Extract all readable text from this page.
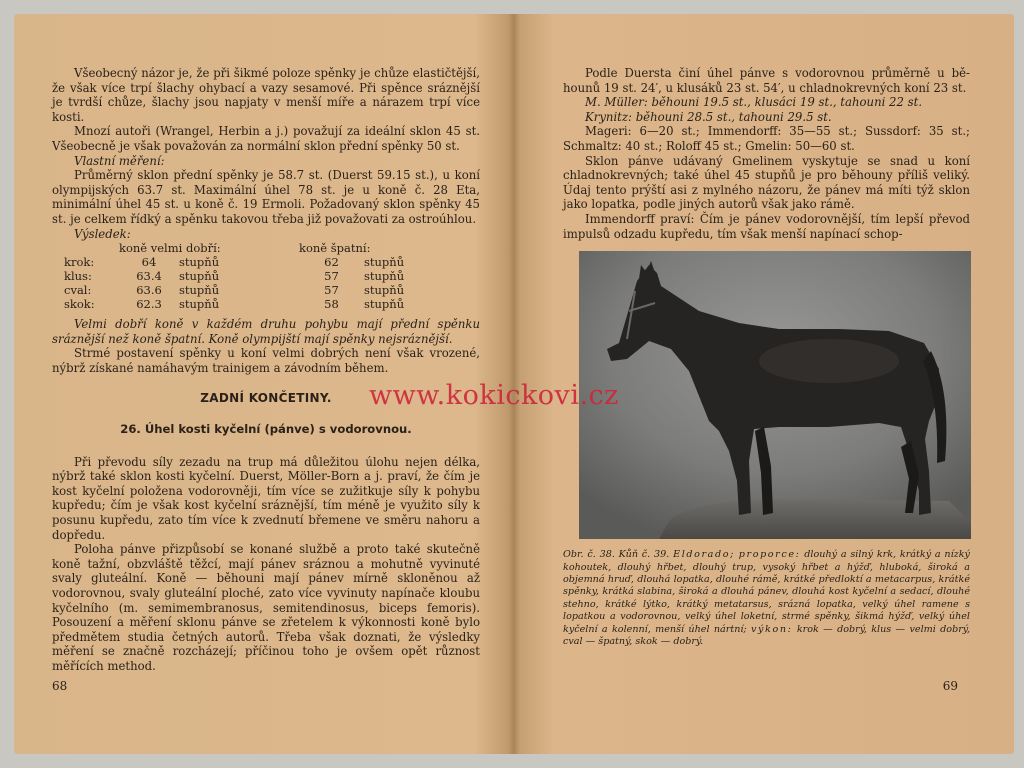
Všeobecný názor je, že při šikmé poloze spěnky je chůze elastičtější, že však více trpí šlachy ohybací a vazy sesamové. Při spěnce sráznější je tvrdší chůze, šlachy jsou napjaty v menší míře a nárazem trpí více kosti.

Mnozí autoři (Wrangel, Herbin a j.) považují za ideální sklon 45 st. Všeobecně je však považován za normální sklon přední spěnky 50 st.

Vlastní měření:

Průměrný sklon přední spěnky je 58.7 st. (Duerst 59.15 st.), u koní olympijských 63.7 st. Maximální úhel 78 st. je u koně č. 28 Eta, minimální úhel 45 st. u koně č. 19 Ermoli. Požadovaný sklon spěnky 45 st. je celkem řídký a spěnku takovou třeba již považovati za ostroúhlou.

Výsledek:

koně velmi dobří:	koně špatní:
krok:	64	stupňů	62	stupňů
klus:	63.4	stupňů	57	stupňů
cval:	63.6	stupňů	57	stupňů
skok:	62.3	stupňů	58	stupňů

Velmi dobří koně v každém druhu pohybu mají přední spěnku sráznější než koně špatní. Koně olympijští mají spěnky nejsráznější.

Strmé postavení spěnky u koní velmi dobrých není však vrozené, nýbrž získané namáhavým trainigem a závodním během.

ZADNÍ KONČETINY.
26. Úhel kosti kyčelní (pánve) s vodorovnou.

Při převodu síly zezadu na trup má důležitou úlohu nejen délka, nýbrž také sklon kosti kyčelní. Duerst, Möller-Born a j. praví, že čím je kost kyčelní položena vodorovněji, tím více se zužitkuje síly k pohybu kupředu; čím je však kost kyčelní sráznější, tím méně je využito síly k posunu kupředu, zato tím více k zvednutí břemene ve směru nahoru a dopředu.

Poloha pánve přizpůsobí se konané službě a proto také skutečně koně tažní, obzvláště těžcí, mají pánev sráznou a mohutně vyvinuté svaly gluteální. Koně — běhouni mají pánev mírně skloněnou až vodorovnou, svaly gluteální ploché, zato více vyvinuty napínače kloubu kyčelního (m. semimembranosus, semitendinosus, biceps femoris). Posouzení a měření sklonu pánve se zřetelem k výkonnosti koně bylo předmětem studia četných autorů. Třeba však doznati, že výsledky měření se značně rozcházejí; příčinou toho je ovšem opět různost měřících method.

68

Podle Duersta činí úhel pánve s vodorovnou průměrně u běhounů 19 st. 24′, u klusáků 23 st. 54′, u chladnokrevných koní 23 st.

M. Müller: běhouni 19.5 st., klusáci 19 st., tahouni 22 st.

Krynitz: běhouni 28.5 st., tahouni 29.5 st.

Mageri: 6—20 st.; Immendorff: 35—55 st.; Sussdorf: 35 st.; Schmaltz: 40 st.; Roloff 45 st.; Gmelin: 50—60 st.

Sklon pánve udávaný Gmelinem vyskytuje se snad u koní chladnokrevných; také úhel 45 stupňů je pro běhouny příliš veliký. Údaj tento prýští asi z mylného názoru, že pánev má míti týž sklon jako lopatka, podle jiných autorů však jako rámě.

Immendorff praví: Čím je pánev vodorovnější, tím lepší převod impulsů odzadu kupředu, tím však menší napínací schop-

Obr. č. 38. Kůň č. 39. Eldorado; proporce: dlouhý a silný krk, krátký a nízký kohoutek, dlouhý hřbet, dlouhý trup, vysoký hřbet a hýžď, hluboká, široká a objemná hruď, dlouhá lopatka, dlouhé rámě, krátké předloktí a metacarpus, krátké spěnky, krátká slabina, široká a dlouhá pánev, dlouhá kost kyčelní a sedací, dlouhé stehno, krátké lýtko, krátký metatarsus, srázná lopatka, velký úhel ramene s lopatkou a vodorovnou, velký úhel loketní, strmé spěnky, šikmá hýžď, velký úhel kyčelní a kolenní, menší úhel nártní; výkon: krok — dobrý, klus — velmi dobrý, cval — špatný, skok — dobrý.
69
www.kokickovi.cz
